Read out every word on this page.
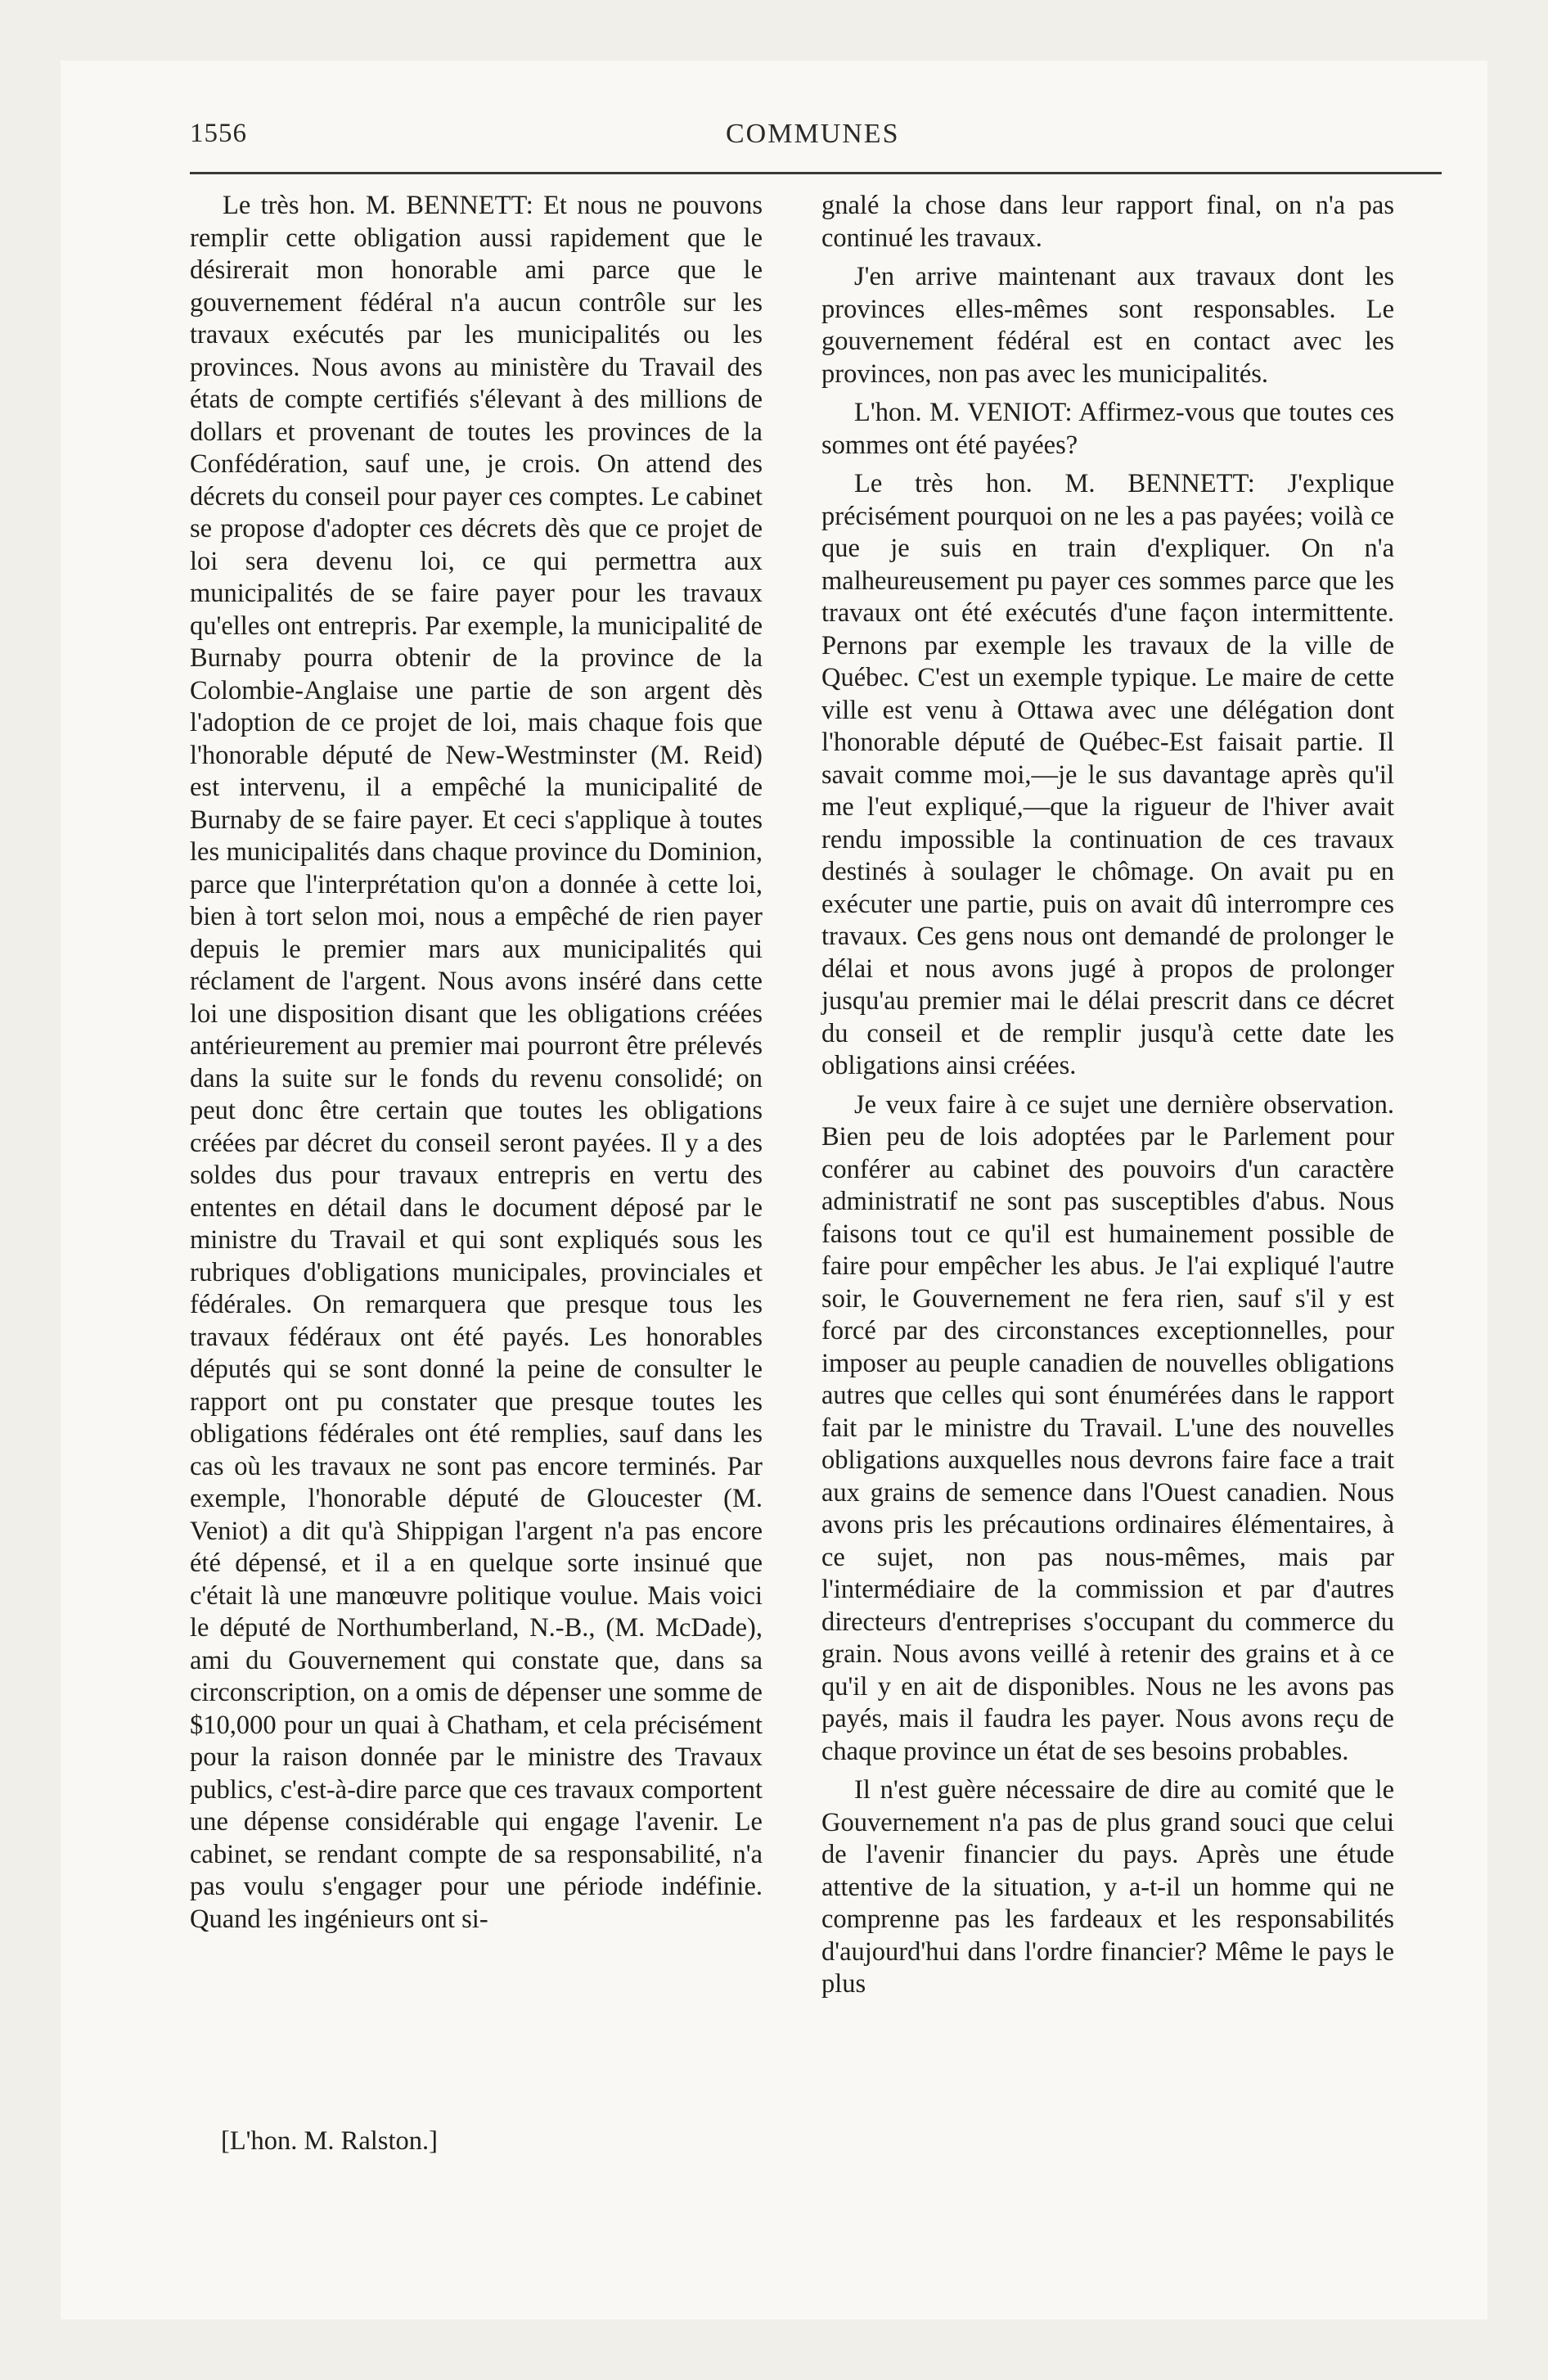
1556	COMMUNES

Le très hon. M. BENNETT: Et nous ne pouvons remplir cette obligation aussi rapidement que le désirerait mon honorable ami parce que le gouvernement fédéral n'a aucun contrôle sur les travaux exécutés par les municipalités ou les provinces. Nous avons au ministère du Travail des états de compte certifiés s'élevant à des millions de dollars et provenant de toutes les provinces de la Confédération, sauf une, je crois. On attend des décrets du conseil pour payer ces comptes. Le cabinet se propose d'adopter ces décrets dès que ce projet de loi sera devenu loi, ce qui permettra aux municipalités de se faire payer pour les travaux qu'elles ont entrepris. Par exemple, la municipalité de Burnaby pourra obtenir de la province de la Colombie-Anglaise une partie de son argent dès l'adoption de ce projet de loi, mais chaque fois que l'honorable député de New-Westminster (M. Reid) est intervenu, il a empêché la municipalité de Burnaby de se faire payer. Et ceci s'applique à toutes les municipalités dans chaque province du Dominion, parce que l'interprétation qu'on a donnée à cette loi, bien à tort selon moi, nous a empêché de rien payer depuis le premier mars aux municipalités qui réclament de l'argent. Nous avons inséré dans cette loi une disposition disant que les obligations créées antérieurement au premier mai pourront être prélevés dans la suite sur le fonds du revenu consolidé; on peut donc être certain que toutes les obligations créées par décret du conseil seront payées. Il y a des soldes dus pour travaux entrepris en vertu des ententes en détail dans le document déposé par le ministre du Travail et qui sont expliqués sous les rubriques d'obligations municipales, provinciales et fédérales. On remarquera que presque tous les travaux fédéraux ont été payés. Les honorables députés qui se sont donné la peine de consulter le rapport ont pu constater que presque toutes les obligations fédérales ont été remplies, sauf dans les cas où les travaux ne sont pas encore terminés. Par exemple, l'honorable député de Gloucester (M. Veniot) a dit qu'à Shippigan l'argent n'a pas encore été dépensé, et il a en quelque sorte insinué que c'était là une manœuvre politique voulue. Mais voici le député de Northumberland, N.-B., (M. McDade), ami du Gouvernement qui constate que, dans sa circonscription, on a omis de dépenser une somme de $10,000 pour un quai à Chatham, et cela précisément pour la raison donnée par le ministre des Travaux publics, c'est-à-dire parce que ces travaux comportent une dépense considérable qui engage l'avenir. Le cabinet, se rendant compte de sa responsabilité, n'a pas voulu s'engager pour une période indéfinie. Quand les ingénieurs ont si-

gnalé la chose dans leur rapport final, on n'a pas continué les travaux.

J'en arrive maintenant aux travaux dont les provinces elles-mêmes sont responsables. Le gouvernement fédéral est en contact avec les provinces, non pas avec les municipalités.

L'hon. M. VENIOT: Affirmez-vous que toutes ces sommes ont été payées?

Le très hon. M. BENNETT: J'explique précisément pourquoi on ne les a pas payées; voilà ce que je suis en train d'expliquer. On n'a malheureusement pu payer ces sommes parce que les travaux ont été exécutés d'une façon intermittente. Pernons par exemple les travaux de la ville de Québec. C'est un exemple typique. Le maire de cette ville est venu à Ottawa avec une délégation dont l'honorable député de Québec-Est faisait partie. Il savait comme moi,—je le sus davantage après qu'il me l'eut expliqué,—que la rigueur de l'hiver avait rendu impossible la continuation de ces travaux destinés à soulager le chômage. On avait pu en exécuter une partie, puis on avait dû interrompre ces travaux. Ces gens nous ont demandé de prolonger le délai et nous avons jugé à propos de prolonger jusqu'au premier mai le délai prescrit dans ce décret du conseil et de remplir jusqu'à cette date les obligations ainsi créées.

Je veux faire à ce sujet une dernière observation. Bien peu de lois adoptées par le Parlement pour conférer au cabinet des pouvoirs d'un caractère administratif ne sont pas susceptibles d'abus. Nous faisons tout ce qu'il est humainement possible de faire pour empêcher les abus. Je l'ai expliqué l'autre soir, le Gouvernement ne fera rien, sauf s'il y est forcé par des circonstances exceptionnelles, pour imposer au peuple canadien de nouvelles obligations autres que celles qui sont énumérées dans le rapport fait par le ministre du Travail. L'une des nouvelles obligations auxquelles nous devrons faire face a trait aux grains de semence dans l'Ouest canadien. Nous avons pris les précautions ordinaires élémentaires, à ce sujet, non pas nous-mêmes, mais par l'intermédiaire de la commission et par d'autres directeurs d'entreprises s'occupant du commerce du grain. Nous avons veillé à retenir des grains et à ce qu'il y en ait de disponibles. Nous ne les avons pas payés, mais il faudra les payer. Nous avons reçu de chaque province un état de ses besoins probables.

Il n'est guère nécessaire de dire au comité que le Gouvernement n'a pas de plus grand souci que celui de l'avenir financier du pays. Après une étude attentive de la situation, y a-t-il un homme qui ne comprenne pas les fardeaux et les responsabilités d'aujourd'hui dans l'ordre financier? Même le pays le plus

[L'hon. M. Ralston.]
